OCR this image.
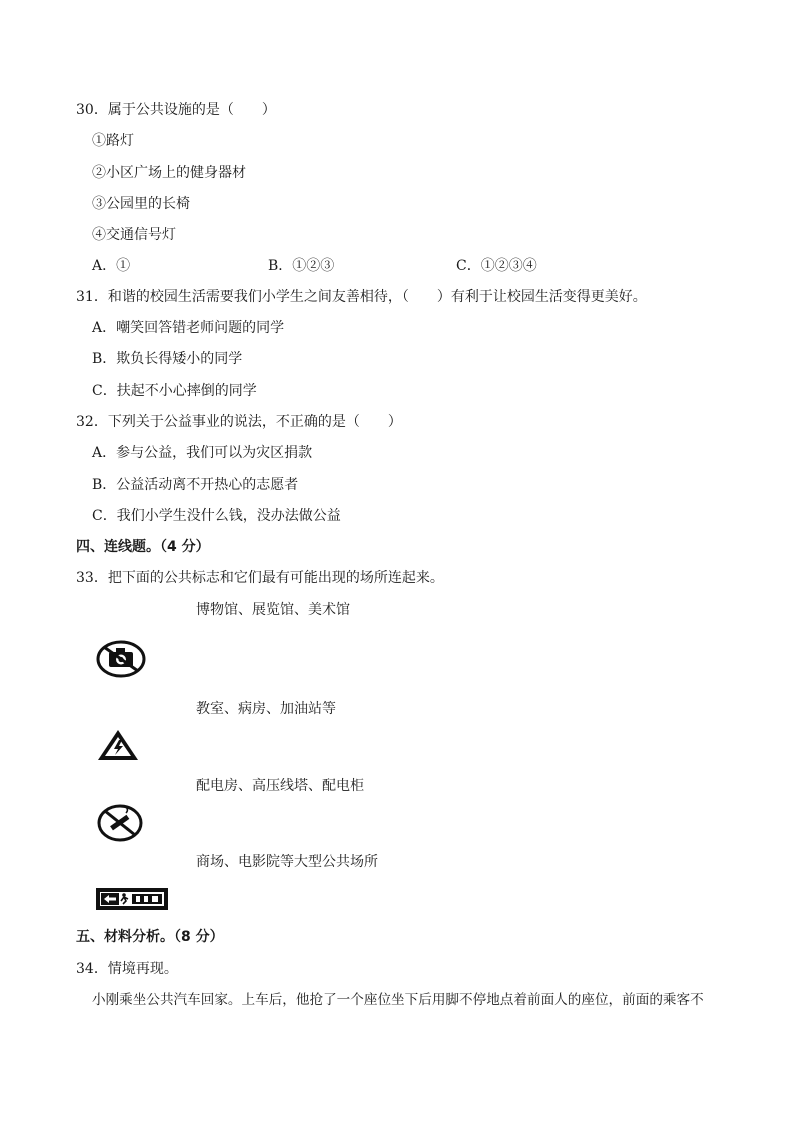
30．属于公共设施的是（　　）
①路灯
②小区广场上的健身器材
③公园里的长椅
④交通信号灯
A．①	B．①②③	C．①②③④
31．和谐的校园生活需要我们小学生之间友善相待，（　　）有利于让校园生活变得更美好。
A．嘲笑回答错老师问题的同学
B．欺负长得矮小的同学
C．扶起不小心摔倒的同学
32．下列关于公益事业的说法，不正确的是（　　）
A．参与公益，我们可以为灾区捐款
B．公益活动离不开热心的志愿者
C．我们小学生没什么钱，没办法做公益
四、连线题。（4 分）
33．把下面的公共标志和它们最有可能出现的场所连起来。
博物馆、展览馆、美术馆
教室、病房、加油站等
配电房、高压线塔、配电柜
商场、电影院等大型公共场所
五、材料分析。（8 分）
34．情境再现。
小刚乘坐公共汽车回家。上车后，他抢了一个座位坐下后用脚不停地点着前面人的座位，前面的乘客不
